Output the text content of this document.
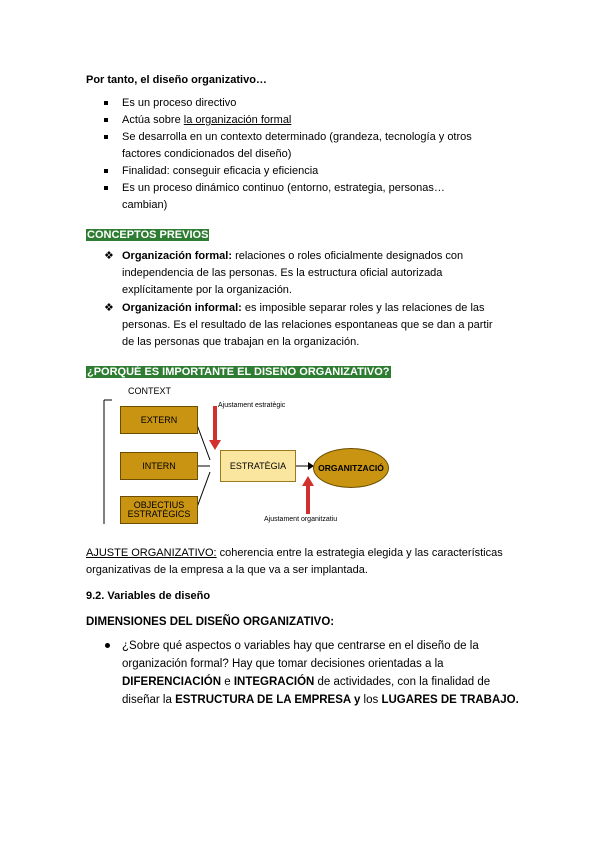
Por tanto, el diseño organizativo…
Es un proceso directivo
Actúa sobre la organización formal
Se desarrolla en un contexto determinado (grandeza, tecnología y otros
factores condicionados del diseño)
Finalidad: conseguir eficacia y eficiencia
Es un proceso dinámico continuo (entorno, estrategia, personas…
cambian)
CONCEPTOS PREVIOS
❖ Organización formal: relaciones o roles oficialmente designados con
independencia de las personas. Es la estructura oficial autorizada
explícitamente por la organización.
❖ Organización informal: es imposible separar roles y las relaciones de las
personas. Es el resultado de las relaciones espontaneas que se dan a partir
de las personas que trabajan en la organización.
¿PORQUÉ ES IMPORTANTE EL DISEÑO ORGANIZATIVO?
CONTEXT
EXTERN
INTERN
OBJECTIUS
ESTRATÈGICS
ESTRATÈGIA	ORGANITZACIÓ
Ajustament estratègic
Ajustament organitzatiu
AJUSTE ORGANIZATIVO: coherencia entre la estrategia elegida y las características
organizativas de la empresa a la que va a ser implantada.
9.2. Variables de diseño
DIMENSIONES DEL DISEÑO ORGANIZATIVO:
¿Sobre qué aspectos o variables hay que centrarse en el diseño de la
organización formal? Hay que tomar decisiones orientadas a la
DIFERENCIACIÓN e INTEGRACIÓN de actividades, con la finalidad de
diseñar la ESTRUCTURA DE LA EMPRESA y los LUGARES DE TRABAJO.
